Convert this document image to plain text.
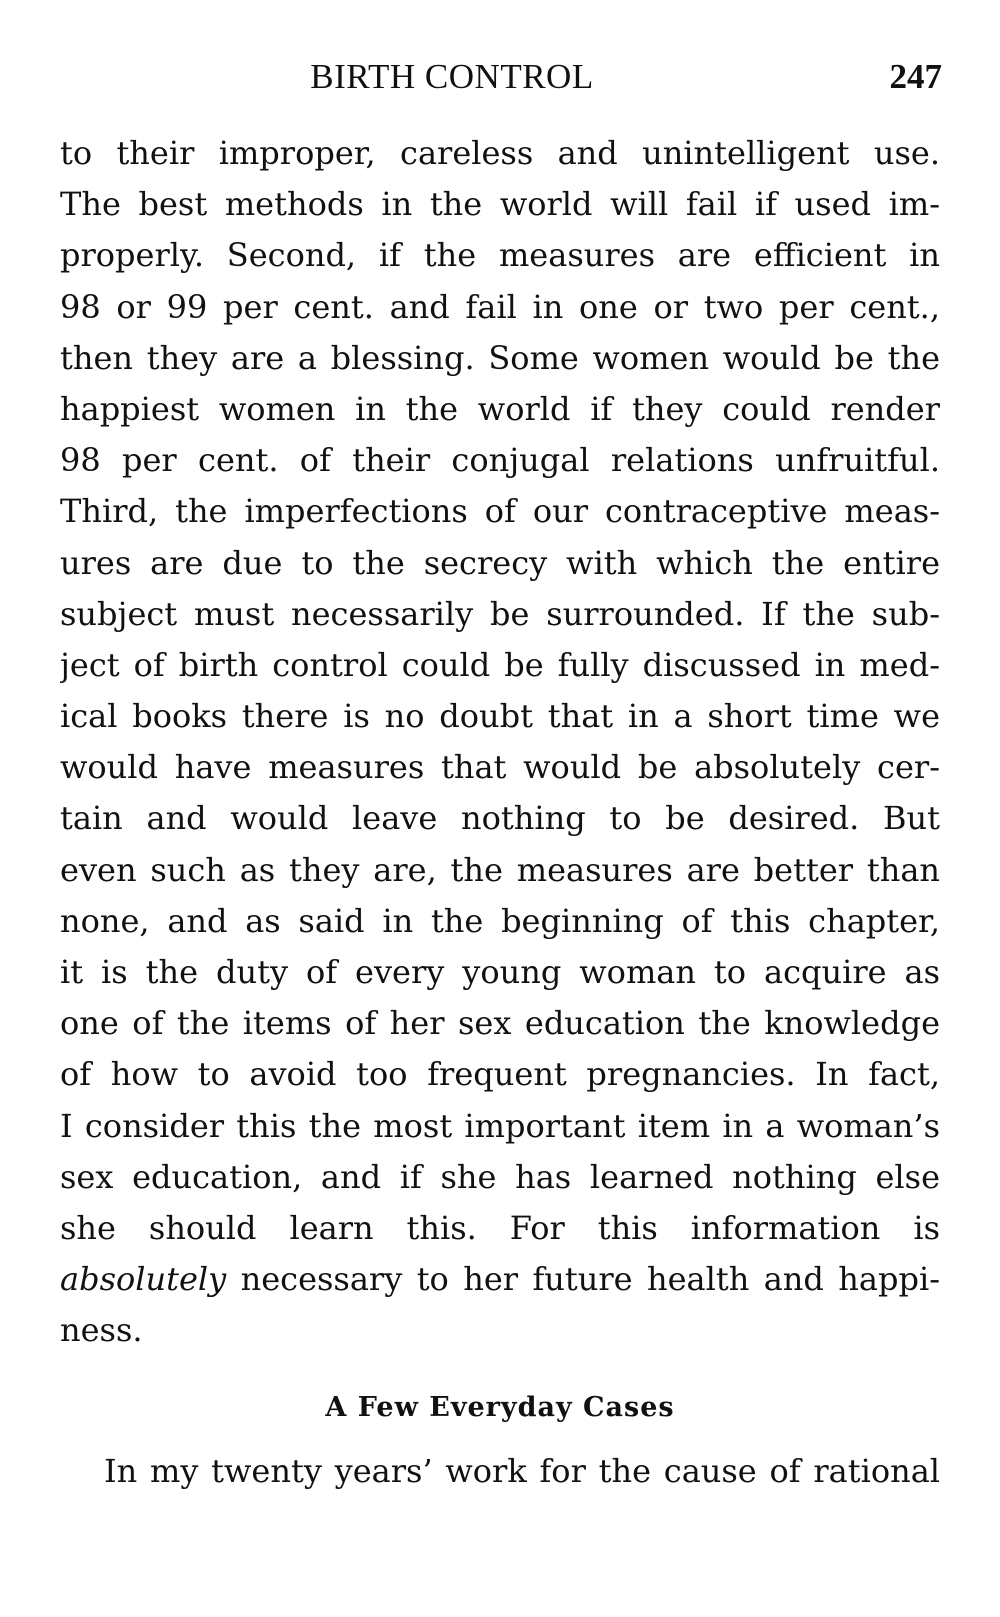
BIRTH CONTROL	247
to their improper, careless and unintelligent use.
The best methods in the world will fail if used im-
properly. Second, if the measures are efficient in
98 or 99 per cent. and fail in one or two per cent.,
then they are a blessing. Some women would be the
happiest women in the world if they could render
98 per cent. of their conjugal relations unfruitful.
Third, the imperfections of our contraceptive meas-
ures are due to the secrecy with which the entire
subject must necessarily be surrounded. If the sub-
ject of birth control could be fully discussed in med-
ical books there is no doubt that in a short time we
would have measures that would be absolutely cer-
tain and would leave nothing to be desired. But
even such as they are, the measures are better than
none, and as said in the beginning of this chapter,
it is the duty of every young woman to acquire as
one of the items of her sex education the knowledge
of how to avoid too frequent pregnancies. In fact,
I consider this the most important item in a woman’s
sex education, and if she has learned nothing else
she should learn this. For this information is
absolutely necessary to her future health and happi-
ness.
A Few Everyday Cases
In my twenty years’ work for the cause of rational
